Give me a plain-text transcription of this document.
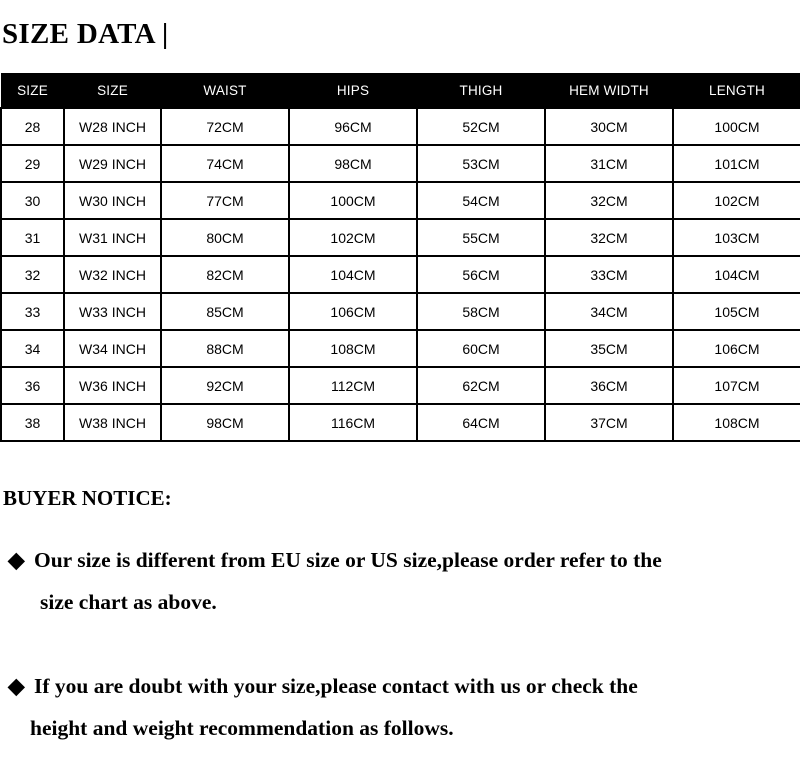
SIZE DATA |
SIZE	SIZE	WAIST	HIPS	THIGH	HEM WIDTH	LENGTH
28	W28 INCH	72CM	96CM	52CM	30CM	100CM
29	W29 INCH	74CM	98CM	53CM	31CM	101CM
30	W30 INCH	77CM	100CM	54CM	32CM	102CM
31	W31 INCH	80CM	102CM	55CM	32CM	103CM
32	W32 INCH	82CM	104CM	56CM	33CM	104CM
33	W33 INCH	85CM	106CM	58CM	34CM	105CM
34	W34 INCH	88CM	108CM	60CM	35CM	106CM
36	W36 INCH	92CM	112CM	62CM	36CM	107CM
38	W38 INCH	98CM	116CM	64CM	37CM	108CM
BUYER NOTICE:
◆ Our size is different from EU size or US size,please order refer to the
size chart as above.
◆ If you are doubt with your size,please contact with us or check the
height and weight recommendation as follows.
